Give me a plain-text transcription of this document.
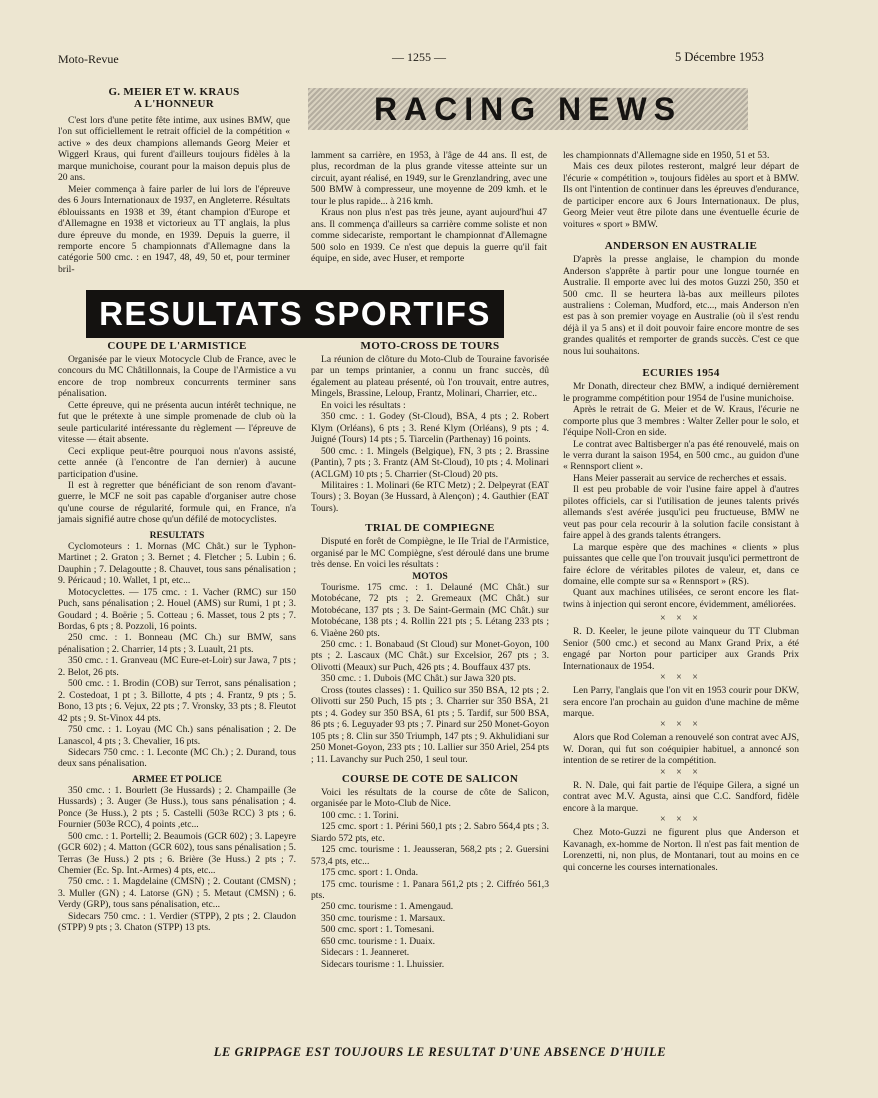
Moto-Revue	— 1255 —	5 Décembre 1953
RACING NEWS

G. MEIER ET W. KRAUS

A L'HONNEUR

C'est lors d'une petite fête intime, aux usines BMW, que l'on sut officiellement le retrait officiel de la compétition « active » des deux champions allemands Georg Meier et Wiggerl Kraus, qui furent d'ailleurs toujours fidèles à la marque munichoise, courant pour la maison depuis plus de 20 ans.

Meier commença à faire parler de lui lors de l'épreuve des 6 Jours Internationaux de 1937, en Angleterre. Résultats éblouissants en 1938 et 39, étant champion d'Europe et d'Allemagne en 1938 et victorieux au TT anglais, la plus dure épreuve du monde, en 1939. Depuis la guerre, il remporte encore 5 championnats d'Allemagne dans la catégorie 500 cmc. : en 1947, 48, 49, 50 et, pour terminer bril-

lamment sa carrière, en 1953, à l'âge de 44 ans. Il est, de plus, recordman de la plus grande vitesse atteinte sur un circuit, ayant réalisé, en 1949, sur le Grenzlandring, avec une 500 BMW à compresseur, une moyenne de 209 kmh. et le tour le plus rapide... à 216 kmh.

Kraus non plus n'est pas très jeune, ayant aujourd'hui 47 ans. Il commença d'ailleurs sa carrière comme soliste et non comme sidecariste, remportant le championnat d'Allemagne 500 solo en 1939. Ce n'est que depuis la guerre qu'il fait équipe, en side, avec Huser, et remporte

les championnats d'Allemagne side en 1950, 51 et 53.

Mais ces deux pilotes resteront, malgré leur départ de l'écurie « compétition », toujours fidèles au sport et à BMW. Ils ont l'intention de continuer dans les épreuves d'endurance, de participer encore aux 6 Jours Internationaux. De plus, Georg Meier veut être pilote dans une éventuelle écurie de voitures « sport » BMW.

ANDERSON EN AUSTRALIE

D'après la presse anglaise, le champion du monde Anderson s'apprête à partir pour une longue tournée en Australie. Il emporte avec lui des motos Guzzi 250, 350 et 500 cmc. Il se heurtera là-bas aux meilleurs pilotes australiens : Coleman, Mudford, etc..., mais Anderson n'en est pas à son premier voyage en Australie (où il s'est rendu déjà il ya 5 ans) et il doit pouvoir faire encore montre de ses grandes qualités et remporter de grands succès. C'est ce que nous lui souhaitons.

ECURIES 1954

Mr Donath, directeur chez BMW, a indiqué dernièrement le programme compétition pour 1954 de l'usine munichoise.

Après le retrait de G. Meier et de W. Kraus, l'écurie ne comporte plus que 3 membres : Walter Zeller pour le solo, et l'équipe Noll-Cron en side.

Le contrat avec Baltisberger n'a pas été renouvelé, mais on le verra durant la saison 1954, en 500 cmc., au guidon d'une « Rennsport client ».

Hans Meier passerait au service de recherches et essais.

Il est peu probable de voir l'usine faire appel à d'autres pilotes officiels, car si l'utilisation de jeunes talents privés allemands s'est avérée jusqu'ici peu fructueuse, BMW ne veut pas pour cela recourir à la solution facile consistant à faire appel à des grands talents étrangers.

La marque espère que des machines « clients » plus puissantes que celle que l'on trouvait jusqu'ici permettront de faire éclore de véritables pilotes de valeur, et, dans ce domaine, elle compte sur sa « Rennsport » (RS).

Quant aux machines utilisées, ce seront encore les flat-twins à injection qui seront encore, évidemment, améliorées.

× × ×

R. D. Keeler, le jeune pilote vainqueur du TT Clubman Senior (500 cmc.) et second au Manx Grand Prix, a été engagé par Norton pour participer aux Grands Prix Internationaux de 1954.

× × ×

Len Parry, l'anglais que l'on vit en 1953 courir pour DKW, sera encore l'an prochain au guidon d'une machine de même marque.

× × ×

Alors que Rod Coleman a renouvelé son contrat avec AJS, W. Doran, qui fut son coéquipier habituel, a annoncé son intention de se retirer de la compétition.

× × ×

R. N. Dale, qui fait partie de l'équipe Gilera, a signé un contrat avec M.V. Agusta, ainsi que C.C. Sandford, fidèle encore à la marque.

× × ×

Chez Moto-Guzzi ne figurent plus que Anderson et Kavanagh, ex-homme de Norton. Il n'est pas fait mention de Lorenzetti, ni, non plus, de Montanari, tout au moins en ce qui concerne les courses internationales.

RESULTATS SPORTIFS

COUPE DE L'ARMISTICE

Organisée par le vieux Motocycle Club de France, avec le concours du MC Châtillonnais, la Coupe de l'Armistice a vu encore de trop nombreux concurrents terminer sans pénalisation.

Cette épreuve, qui ne présenta aucun intérêt technique, ne fut que le prétexte à une simple promenade de club où la seule particularité intéressante du règlement — l'épreuve de vitesse — était absente.

Ceci explique peut-être pourquoi nous n'avons assisté, cette année (à l'encontre de l'an dernier) à aucune participation d'usine.

Il est à regretter que bénéficiant de son renom d'avant-guerre, le MCF ne soit pas capable d'organiser autre chose qu'une course de régularité, formule qui, en France, n'a jamais signifié autre chose qu'un défilé de motocyclistes.

RESULTATS

Cyclomoteurs : 1. Mornas (MC Chât.) sur le Typhon-Martinet ; 2. Graton ; 3. Bernet ; 4. Fletcher ; 5. Lubin ; 6. Dauphin ; 7. Delagoutte ; 8. Chauvet, tous sans pénalisation ; 9. Péricaud ; 10. Wallet, 1 pt, etc...

Motocyclettes. — 175 cmc. : 1. Vacher (RMC) sur 150 Puch, sans pénalisation ; 2. Houel (AMS) sur Rumi, 1 pt ; 3. Goudard ; 4. Boërie ; 5. Cotteau ; 6. Masset, tous 2 pts ; 7. Bordas, 6 pts ; 8. Pozzoli, 16 points.

250 cmc. : 1. Bonneau (MC Ch.) sur BMW, sans pénalisation ; 2. Charrier, 14 pts ; 3. Luault, 21 pts.

350 cmc. : 1. Granveau (MC Eure-et-Loir) sur Jawa, 7 pts ; 2. Belot, 26 pts.

500 cmc. : 1. Brodin (COB) sur Terrot, sans pénalisation ; 2. Costedoat, 1 pt ; 3. Billotte, 4 pts ; 4. Frantz, 9 pts ; 5. Bono, 13 pts ; 6. Vejux, 22 pts ; 7. Vronsky, 33 pts ; 8. Fleutot 42 pts ; 9. St-Vinox 44 pts.

750 cmc. : 1. Loyau (MC Ch.) sans pénalisation ; 2. De Lanascol, 4 pts ; 3. Chevalier, 16 pts.

Sidecars 750 cmc. : 1. Leconte (MC Ch.) ; 2. Durand, tous deux sans pénalisation.

ARMEE ET POLICE

350 cmc. : 1. Bourlett (3e Hussards) ; 2. Champaille (3e Hussards) ; 3. Auger (3e Huss.), tous sans pénalisation ; 4. Ponce (3e Huss.), 2 pts ; 5. Castelli (503e RCC) 3 pts ; 6. Fournier (503e RCC), 4 points ,etc...

500 cmc. : 1. Portelli; 2. Beaumois (GCR 602) ; 3. Lapeyre (GCR 602) ; 4. Matton (GCR 602), tous sans pénalisation ; 5. Terras (3e Huss.) 2 pts ; 6. Brière (3e Huss.) 2 pts ; 7. Chemier (Ec. Sp. Int.-Armes) 4 pts, etc...

750 cmc. : 1. Magdelaine (CMSN) ; 2. Coutant (CMSN) ; 3. Muller (GN) ; 4. Latorse (GN) ; 5. Metaut (CMSN) ; 6. Verdy (GRP), tous sans pénalisation, etc...

Sidecars 750 cmc. : 1. Verdier (STPP), 2 pts ; 2. Claudon (STPP) 9 pts ; 3. Chaton (STPP) 13 pts.

MOTO-CROSS DE TOURS

La réunion de clôture du Moto-Club de Touraine favorisée par un temps printanier, a connu un franc succès, dû également au plateau présenté, où l'on trouvait, entre autres, Mingels, Brassine, Leloup, Frantz, Molinari, Charrier, etc..

En voici les résultats :

350 cmc. : 1. Godey (St-Cloud), BSA, 4 pts ; 2. Robert Klym (Orléans), 6 pts ; 3. René Klym (Orléans), 9 pts ; 4. Juigné (Tours) 14 pts ; 5. Tiarcelin (Parthenay) 16 points.

500 cmc. : 1. Mingels (Belgique), FN, 3 pts ; 2. Brassine (Pantin), 7 pts ; 3. Frantz (AM St-Cloud), 10 pts ; 4. Molinari (ACLGM) 10 pts ; 5. Charrier (St-Cloud) 20 pts.

Militaires : 1. Molinari (6e RTC Metz) ; 2. Delpeyrat (EAT Tours) ; 3. Boyan (3e Hussard, à Alençon) ; 4. Gauthier (EAT Tours).

TRIAL DE COMPIEGNE

Disputé en forêt de Compiègne, le IIe Trial de l'Armistice, organisé par le MC Compiègne, s'est déroulé dans une brume très dense. En voici les résultats :

MOTOS

Tourisme. 175 cmc. : 1. Delauné (MC Chât.) sur Motobécane, 72 pts ; 2. Gremeaux (MC Chât.) sur Motobécane, 137 pts ; 3. De Saint-Germain (MC Chât.) sur Motobécane, 138 pts ; 4. Rollin 221 pts ; 5. Létang 233 pts ; 6. Viaène 260 pts.

250 cmc. : 1. Bonabaud (St Cloud) sur Monet-Goyon, 100 pts ; 2. Lascaux (MC Chât.) sur Excelsior, 267 pts ; 3. Olivotti (Meaux) sur Puch, 426 pts ; 4. Bouffaux 437 pts.

350 cmc. : 1. Dubois (MC Chât.) sur Jawa 320 pts.

Cross (toutes classes) : 1. Quilico sur 350 BSA, 12 pts ; 2. Olivotti sur 250 Puch, 15 pts ; 3. Charrier sur 350 BSA, 21 pts ; 4. Godey sur 350 BSA, 61 pts ; 5. Tardif, sur 500 BSA, 86 pts ; 6. Leguyader 93 pts ; 7. Pinard sur 250 Monet-Goyon 105 pts ; 8. Clin sur 350 Triumph, 147 pts ; 9. Akhulidiani sur 250 Monet-Goyon, 233 pts ; 10. Lallier sur 350 Ariel, 254 pts ; 11. Lavanchy sur Puch 250, 1 seul tour.

COURSE DE COTE DE SALICON

Voici les résultats de la course de côte de Salicon, organisée par le Moto-Club de Nice.

100 cmc. : 1. Torini.

125 cmc. sport : 1. Périni 560,1 pts ; 2. Sabro 564,4 pts ; 3. Siardo 572 pts, etc.

125 cmc. tourisme : 1. Jeausseran, 568,2 pts ; 2. Guersini 573,4 pts, etc...

175 cmc. sport : 1. Onda.

175 cmc. tourisme : 1. Panara 561,2 pts ; 2. Ciffréo 561,3 pts.

250 cmc. tourisme : 1. Amengaud.

350 cmc. tourisme : 1. Marsaux.

500 cmc. sport : 1. Tomesani.

650 cmc. tourisme : 1. Duaix.

Sidecars : 1. Jeanneret.

Sidecars tourisme : 1. Lhuissier.

LE GRIPPAGE EST TOUJOURS LE RESULTAT D'UNE ABSENCE D'HUILE
